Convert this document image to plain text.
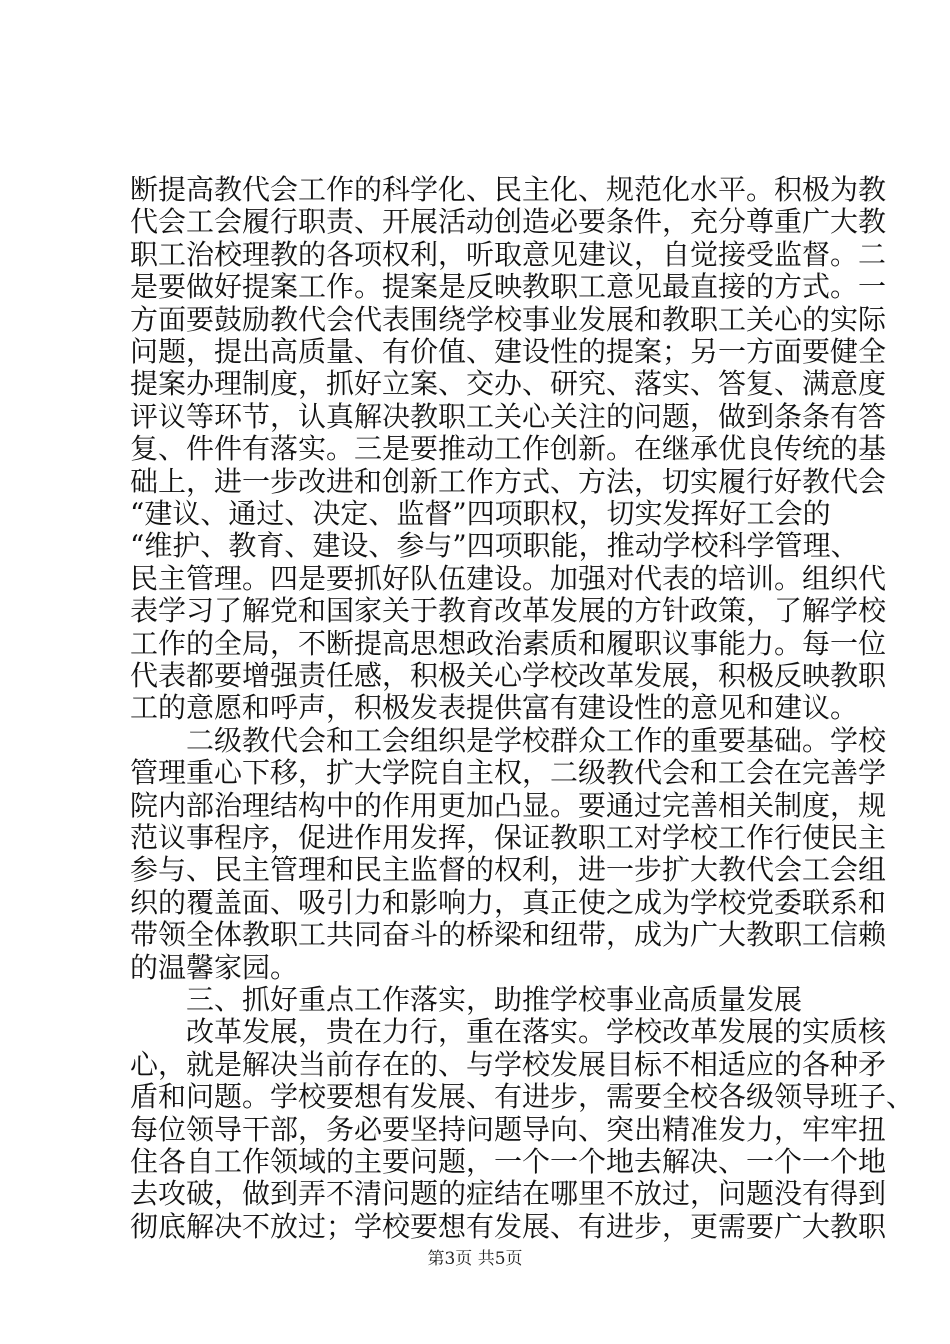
断提高教代会工作的科学化、民主化、规范化水平。积极为教
代会工会履行职责、开展活动创造必要条件，充分尊重广大教
职工治校理教的各项权利，听取意见建议，自觉接受监督。二
是要做好提案工作。提案是反映教职工意见最直接的方式。一
方面要鼓励教代会代表围绕学校事业发展和教职工关心的实际
问题，提出高质量、有价值、建设性的提案；另一方面要健全
提案办理制度，抓好立案、交办、研究、落实、答复、满意度
评议等环节，认真解决教职工关心关注的问题，做到条条有答
复、件件有落实。三是要推动工作创新。在继承优良传统的基
础上，进一步改进和创新工作方式、方法，切实履行好教代会
“建议、通过、决定、监督”四项职权，切实发挥好工会的
“维护、教育、建设、参与”四项职能，推动学校科学管理、
民主管理。四是要抓好队伍建设。加强对代表的培训。组织代
表学习了解党和国家关于教育改革发展的方针政策，了解学校
工作的全局，不断提高思想政治素质和履职议事能力。每一位
代表都要增强责任感，积极关心学校改革发展，积极反映教职
工的意愿和呼声，积极发表提供富有建设性的意见和建议。
二级教代会和工会组织是学校群众工作的重要基础。学校
管理重心下移，扩大学院自主权，二级教代会和工会在完善学
院内部治理结构中的作用更加凸显。要通过完善相关制度，规
范议事程序，促进作用发挥，保证教职工对学校工作行使民主
参与、民主管理和民主监督的权利，进一步扩大教代会工会组
织的覆盖面、吸引力和影响力，真正使之成为学校党委联系和
带领全体教职工共同奋斗的桥梁和纽带，成为广大教职工信赖
的温馨家园。
三、抓好重点工作落实，助推学校事业高质量发展
改革发展，贵在力行，重在落实。学校改革发展的实质核
心，就是解决当前存在的、与学校发展目标不相适应的各种矛
盾和问题。学校要想有发展、有进步，需要全校各级领导班子、
每位领导干部，务必要坚持问题导向、突出精准发力，牢牢扭
住各自工作领域的主要问题，一个一个地去解决、一个一个地
去攻破，做到弄不清问题的症结在哪里不放过，问题没有得到
彻底解决不放过；学校要想有发展、有进步，更需要广大教职
第3页 共5页
